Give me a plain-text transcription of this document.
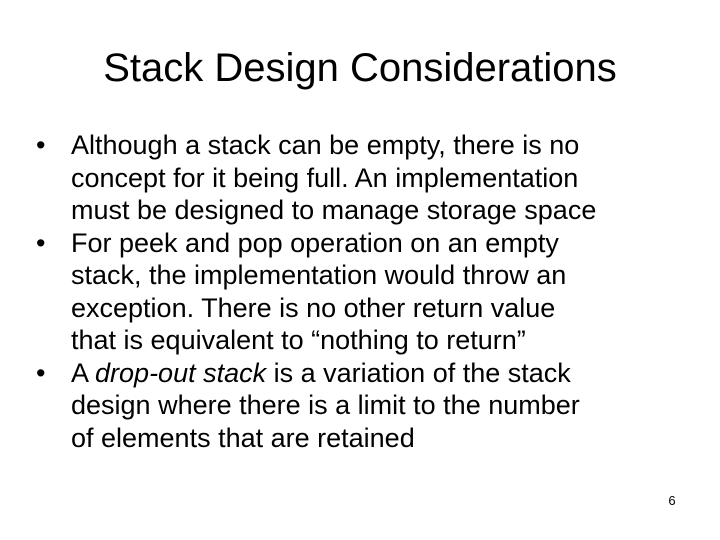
Stack Design Considerations
• Although a stack can be empty, there is no
concept for it being full. An implementation
must be designed to manage storage space
• For peek and pop operation on an empty
stack, the implementation would throw an
exception. There is no other return value
that is equivalent to “nothing to return”
• A drop-out stack is a variation of the stack
design where there is a limit to the number
of elements that are retained
6
